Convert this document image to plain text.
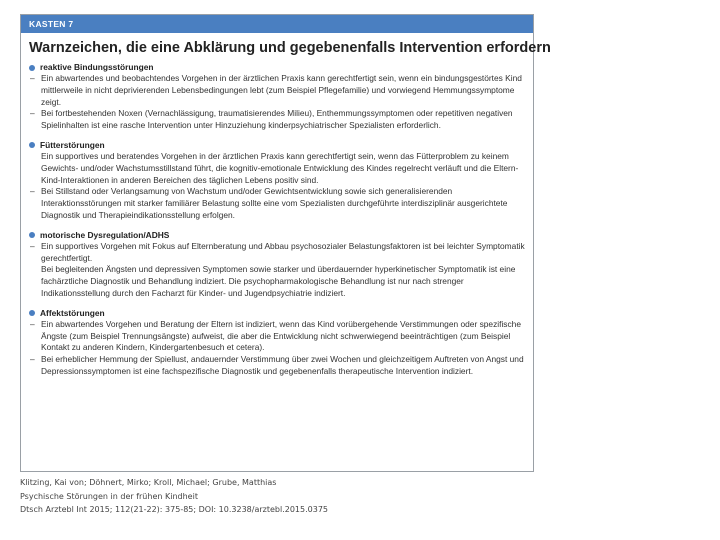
KASTEN 7
Warnzeichen, die eine Abklärung und gegebenenfalls Intervention erfordern
reaktive Bindungsstörungen
– Ein abwartendes und beobachtendes Vorgehen in der ärztlichen Praxis kann gerechtfertigt sein, wenn ein bindungsgestörtes Kind mittlerweile in nicht deprivierenden Lebensbedingungen lebt (zum Beispiel Pflegefamilie) und vorwiegend Hemmungssymptome zeigt.
– Bei fortbestehenden Noxen (Vernachlässigung, traumatisierendes Milieu), Enthemmungssymptomen oder repetitiven negativen Spielinhalten ist eine rasche Intervention unter Hinzuziehung kinderpsychiatrischer Spezialisten erforderlich.
Fütterstörungen
Ein supportives und beratendes Vorgehen in der ärztlichen Praxis kann gerechtfertigt sein, wenn das Fütterproblem zu keinem Gewichts- und/oder Wachstumsstillstand führt, die kognitiv-emotionale Entwicklung des Kindes regelrecht verläuft und die Eltern-Kind-Interaktionen in anderen Bereichen des täglichen Lebens positiv sind.
– Bei Stillstand oder Verlangsamung von Wachstum und/oder Gewichtsentwicklung sowie sich generalisierenden Interaktionsstörungen mit starker familiärer Belastung sollte eine vom Spezialisten durchgeführte interdisziplinär ausgerichtete Diagnostik und Therapieindikationsstellung erfolgen.
motorische Dysregulation/ADHS
– Ein supportives Vorgehen mit Fokus auf Elternberatung und Abbau psychosozialer Belastungsfaktoren ist bei leichter Symptomatik gerechtfertigt.
Bei begleitenden Ängsten und depressiven Symptomen sowie starker und überdauernder hyperkinetischer Symptomatik ist eine fachärztliche Diagnostik und Behandlung indiziert. Die psychopharmakologische Behandlung ist nur nach strenger Indikationsstellung durch den Facharzt für Kinder- und Jugendpsychiatrie indiziert.
Affektstörungen
– Ein abwartendes Vorgehen und Beratung der Eltern ist indiziert, wenn das Kind vorübergehende Verstimmungen oder spezifische Ängste (zum Beispiel Trennungsängste) aufweist, die aber die Entwicklung nicht schwerwiegend beeinträchtigen (zum Beispiel Kontakt zu anderen Kindern, Kindergartenbesuch et cetera).
– Bei erheblicher Hemmung der Spiellust, andauernder Verstimmung über zwei Wochen und gleichzeitigem Auftreten von Angst und Depressionssymptomen ist eine fachspezifische Diagnostik und gegebenenfalls therapeutische Intervention indiziert.
Klitzing, Kai von; Döhnert, Mirko; Kroll, Michael; Grube, Matthias
Psychische Störungen in der frühen Kindheit
Dtsch Arztebl Int 2015; 112(21-22): 375-85; DOI: 10.3238/arztebl.2015.0375
